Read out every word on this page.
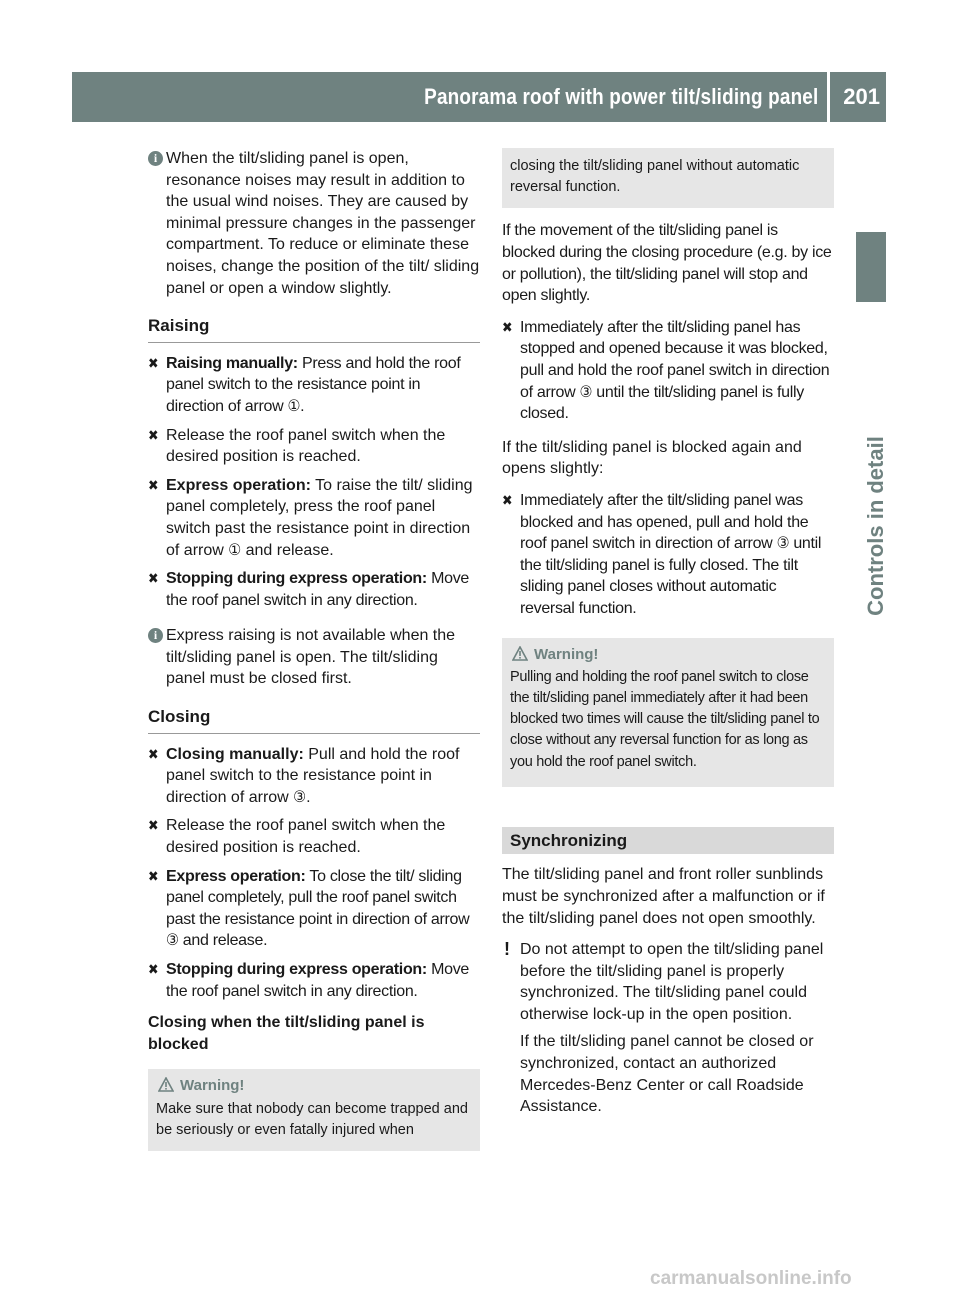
Panorama roof with power tilt/sliding panel 201
Controls in detail
i When the tilt/sliding panel is open, resonance noises may result in addition to the usual wind noises. They are caused by minimal pressure changes in the passenger compartment. To reduce or eliminate these noises, change the position of the tilt/ sliding panel or open a window slightly.

Raising
✖ Raising manually: Press and hold the roof panel switch to the resistance point in direction of arrow ①.

✖ Release the roof panel switch when the desired position is reached.

✖ Express operation: To raise the tilt/ sliding panel completely, press the roof panel switch past the resistance point in direction of arrow ① and release.

✖ Stopping during express operation: Move the roof panel switch in any direction.

i Express raising is not available when the tilt/sliding panel is open. The tilt/sliding panel must be closed first.

Closing
✖ Closing manually: Pull and hold the roof panel switch to the resistance point in direction of arrow ③.

✖ Release the roof panel switch when the desired position is reached.

✖ Express operation: To close the tilt/ sliding panel completely, pull the roof panel switch past the resistance point in direction of arrow ③ and release.

✖ Stopping during express operation: Move the roof panel switch in any direction.

Closing when the tilt/sliding panel is blocked
Warning!

Make sure that nobody can become trapped and be seriously or even fatally injured when

closing the tilt/sliding panel without automatic reversal function.

If the movement of the tilt/sliding panel is blocked during the closing procedure (e.g. by ice or pollution), the tilt/sliding panel will stop and open slightly.

✖ Immediately after the tilt/sliding panel has stopped and opened because it was blocked, pull and hold the roof panel switch in direction of arrow ③ until the tilt/sliding panel is fully closed.

If the tilt/sliding panel is blocked again and opens slightly:

✖ Immediately after the tilt/sliding panel was blocked and has opened, pull and hold the roof panel switch in direction of arrow ③ until the tilt/sliding panel is fully closed. The tilt sliding panel closes without automatic reversal function.

Warning!

Pulling and holding the roof panel switch to close the tilt/sliding panel immediately after it had been blocked two times will cause the tilt/sliding panel to close without any reversal function for as long as you hold the roof panel switch.

Synchronizing

The tilt/sliding panel and front roller sunblinds must be synchronized after a malfunction or if the tilt/sliding panel does not open smoothly.

! Do not attempt to open the tilt/sliding panel before the tilt/sliding panel is properly synchronized. The tilt/sliding panel could otherwise lock-up in the open position.

If the tilt/sliding panel cannot be closed or synchronized, contact an authorized Mercedes-Benz Center or call Roadside Assistance.

carmanualsonline.info
